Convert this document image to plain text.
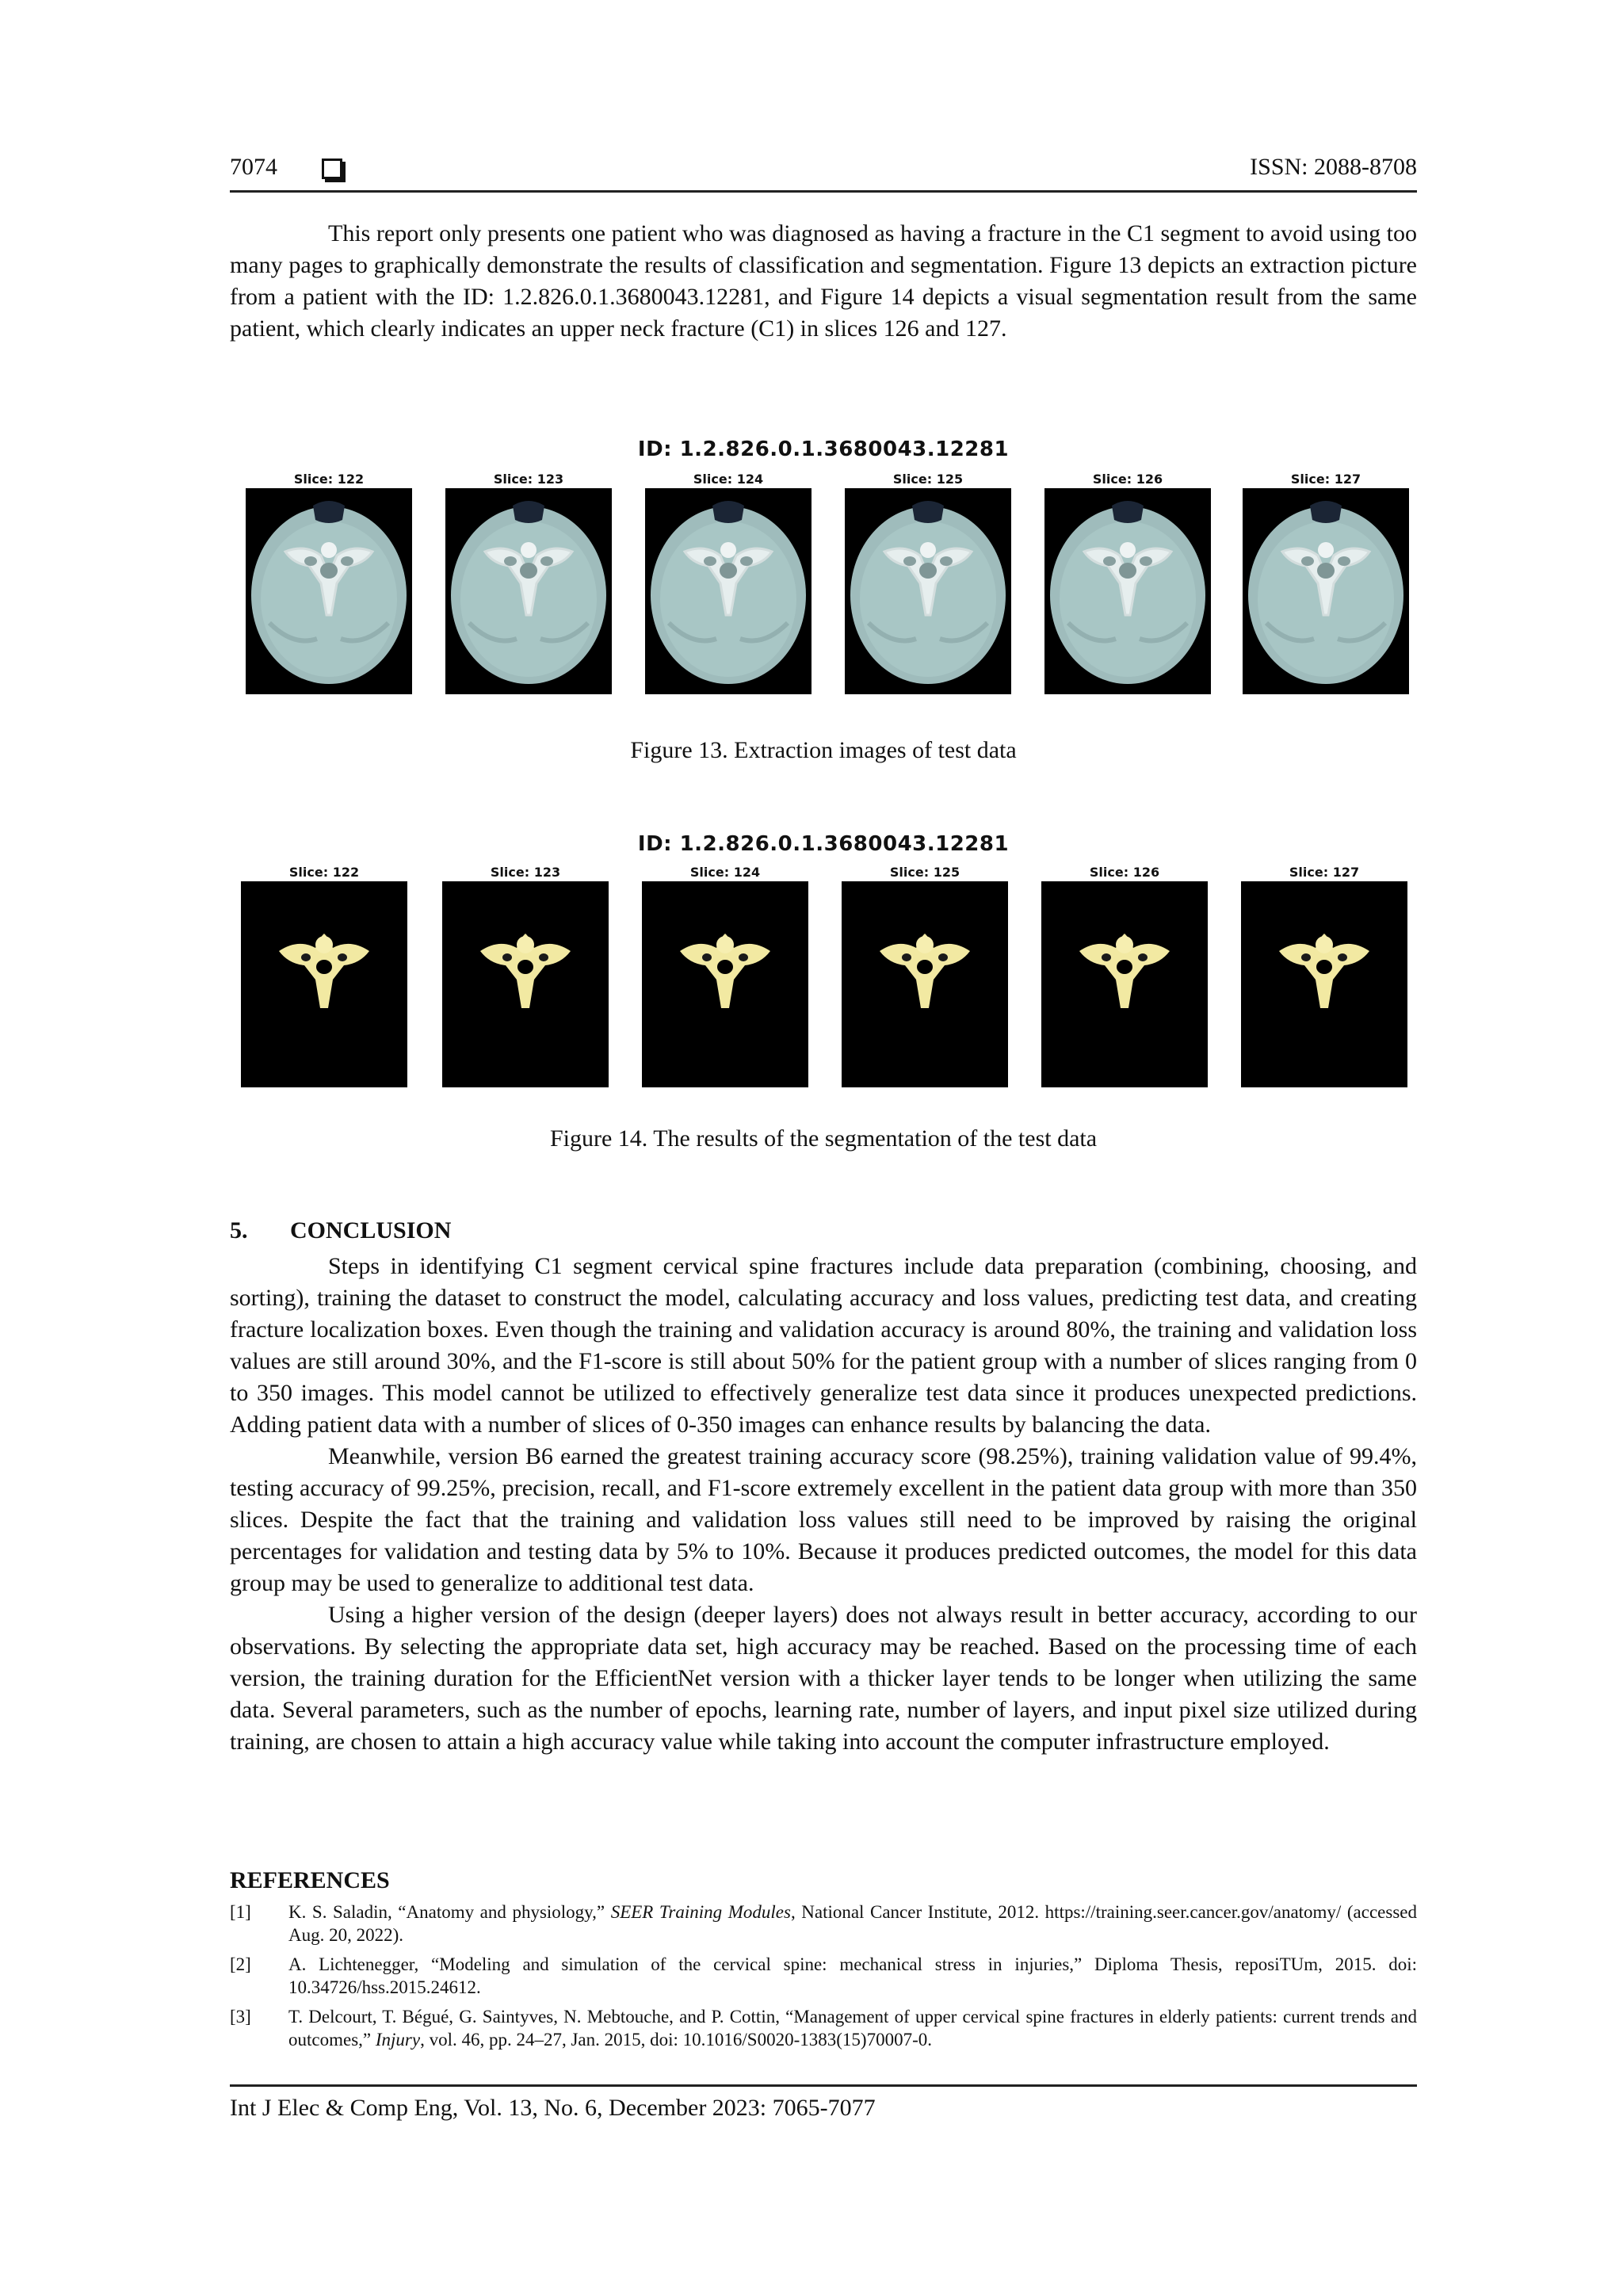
7074	ISSN: 2088-8708

This report only presents one patient who was diagnosed as having a fracture in the C1 segment to avoid using too many pages to graphically demonstrate the results of classification and segmentation. Figure 13 depicts an extraction picture from a patient with the ID: 1.2.826.0.1.3680043.12281, and Figure 14 depicts a visual segmentation result from the same patient, which clearly indicates an upper neck fracture (C1) in slices 126 and 127.

ID: 1.2.826.0.1.3680043.12281
Slice: 122	Slice: 123	Slice: 124	Slice: 125	Slice: 126	Slice: 127
Figure 13. Extraction images of test data
ID: 1.2.826.0.1.3680043.12281
Slice: 122	Slice: 123	Slice: 124	Slice: 125	Slice: 126	Slice: 127
Figure 14. The results of the segmentation of the test data
5. CONCLUSION

Steps in identifying C1 segment cervical spine fractures include data preparation (combining, choosing, and sorting), training the dataset to construct the model, calculating accuracy and loss values, predicting test data, and creating fracture localization boxes. Even though the training and validation accuracy is around 80%, the training and validation loss values are still around 30%, and the F1-score is still about 50% for the patient group with a number of slices ranging from 0 to 350 images. This model cannot be utilized to effectively generalize test data since it produces unexpected predictions. Adding patient data with a number of slices of 0-350 images can enhance results by balancing the data.

Meanwhile, version B6 earned the greatest training accuracy score (98.25%), training validation value of 99.4%, testing accuracy of 99.25%, precision, recall, and F1-score extremely excellent in the patient data group with more than 350 slices. Despite the fact that the training and validation loss values still need to be improved by raising the original percentages for validation and testing data by 5% to 10%. Because it produces predicted outcomes, the model for this data group may be used to generalize to additional test data.

Using a higher version of the design (deeper layers) does not always result in better accuracy, according to our observations. By selecting the appropriate data set, high accuracy may be reached. Based on the processing time of each version, the training duration for the EfficientNet version with a thicker layer tends to be longer when utilizing the same data. Several parameters, such as the number of epochs, learning rate, number of layers, and input pixel size utilized during training, are chosen to attain a high accuracy value while taking into account the computer infrastructure employed.

REFERENCES
[1] K. S. Saladin, “Anatomy and physiology,” SEER Training Modules, National Cancer Institute, 2012. https://training.seer.cancer.gov/anatomy/ (accessed Aug. 20, 2022).
[2] A. Lichtenegger, “Modeling and simulation of the cervical spine: mechanical stress in injuries,” Diploma Thesis, reposiTUm, 2015. doi: 10.34726/hss.2015.24612.
[3] T. Delcourt, T. Bégué, G. Saintyves, N. Mebtouche, and P. Cottin, “Management of upper cervical spine fractures in elderly patients: current trends and outcomes,” Injury, vol. 46, pp. 24–27, Jan. 2015, doi: 10.1016/S0020-1383(15)70007-0.
Int J Elec & Comp Eng, Vol. 13, No. 6, December 2023: 7065-7077
